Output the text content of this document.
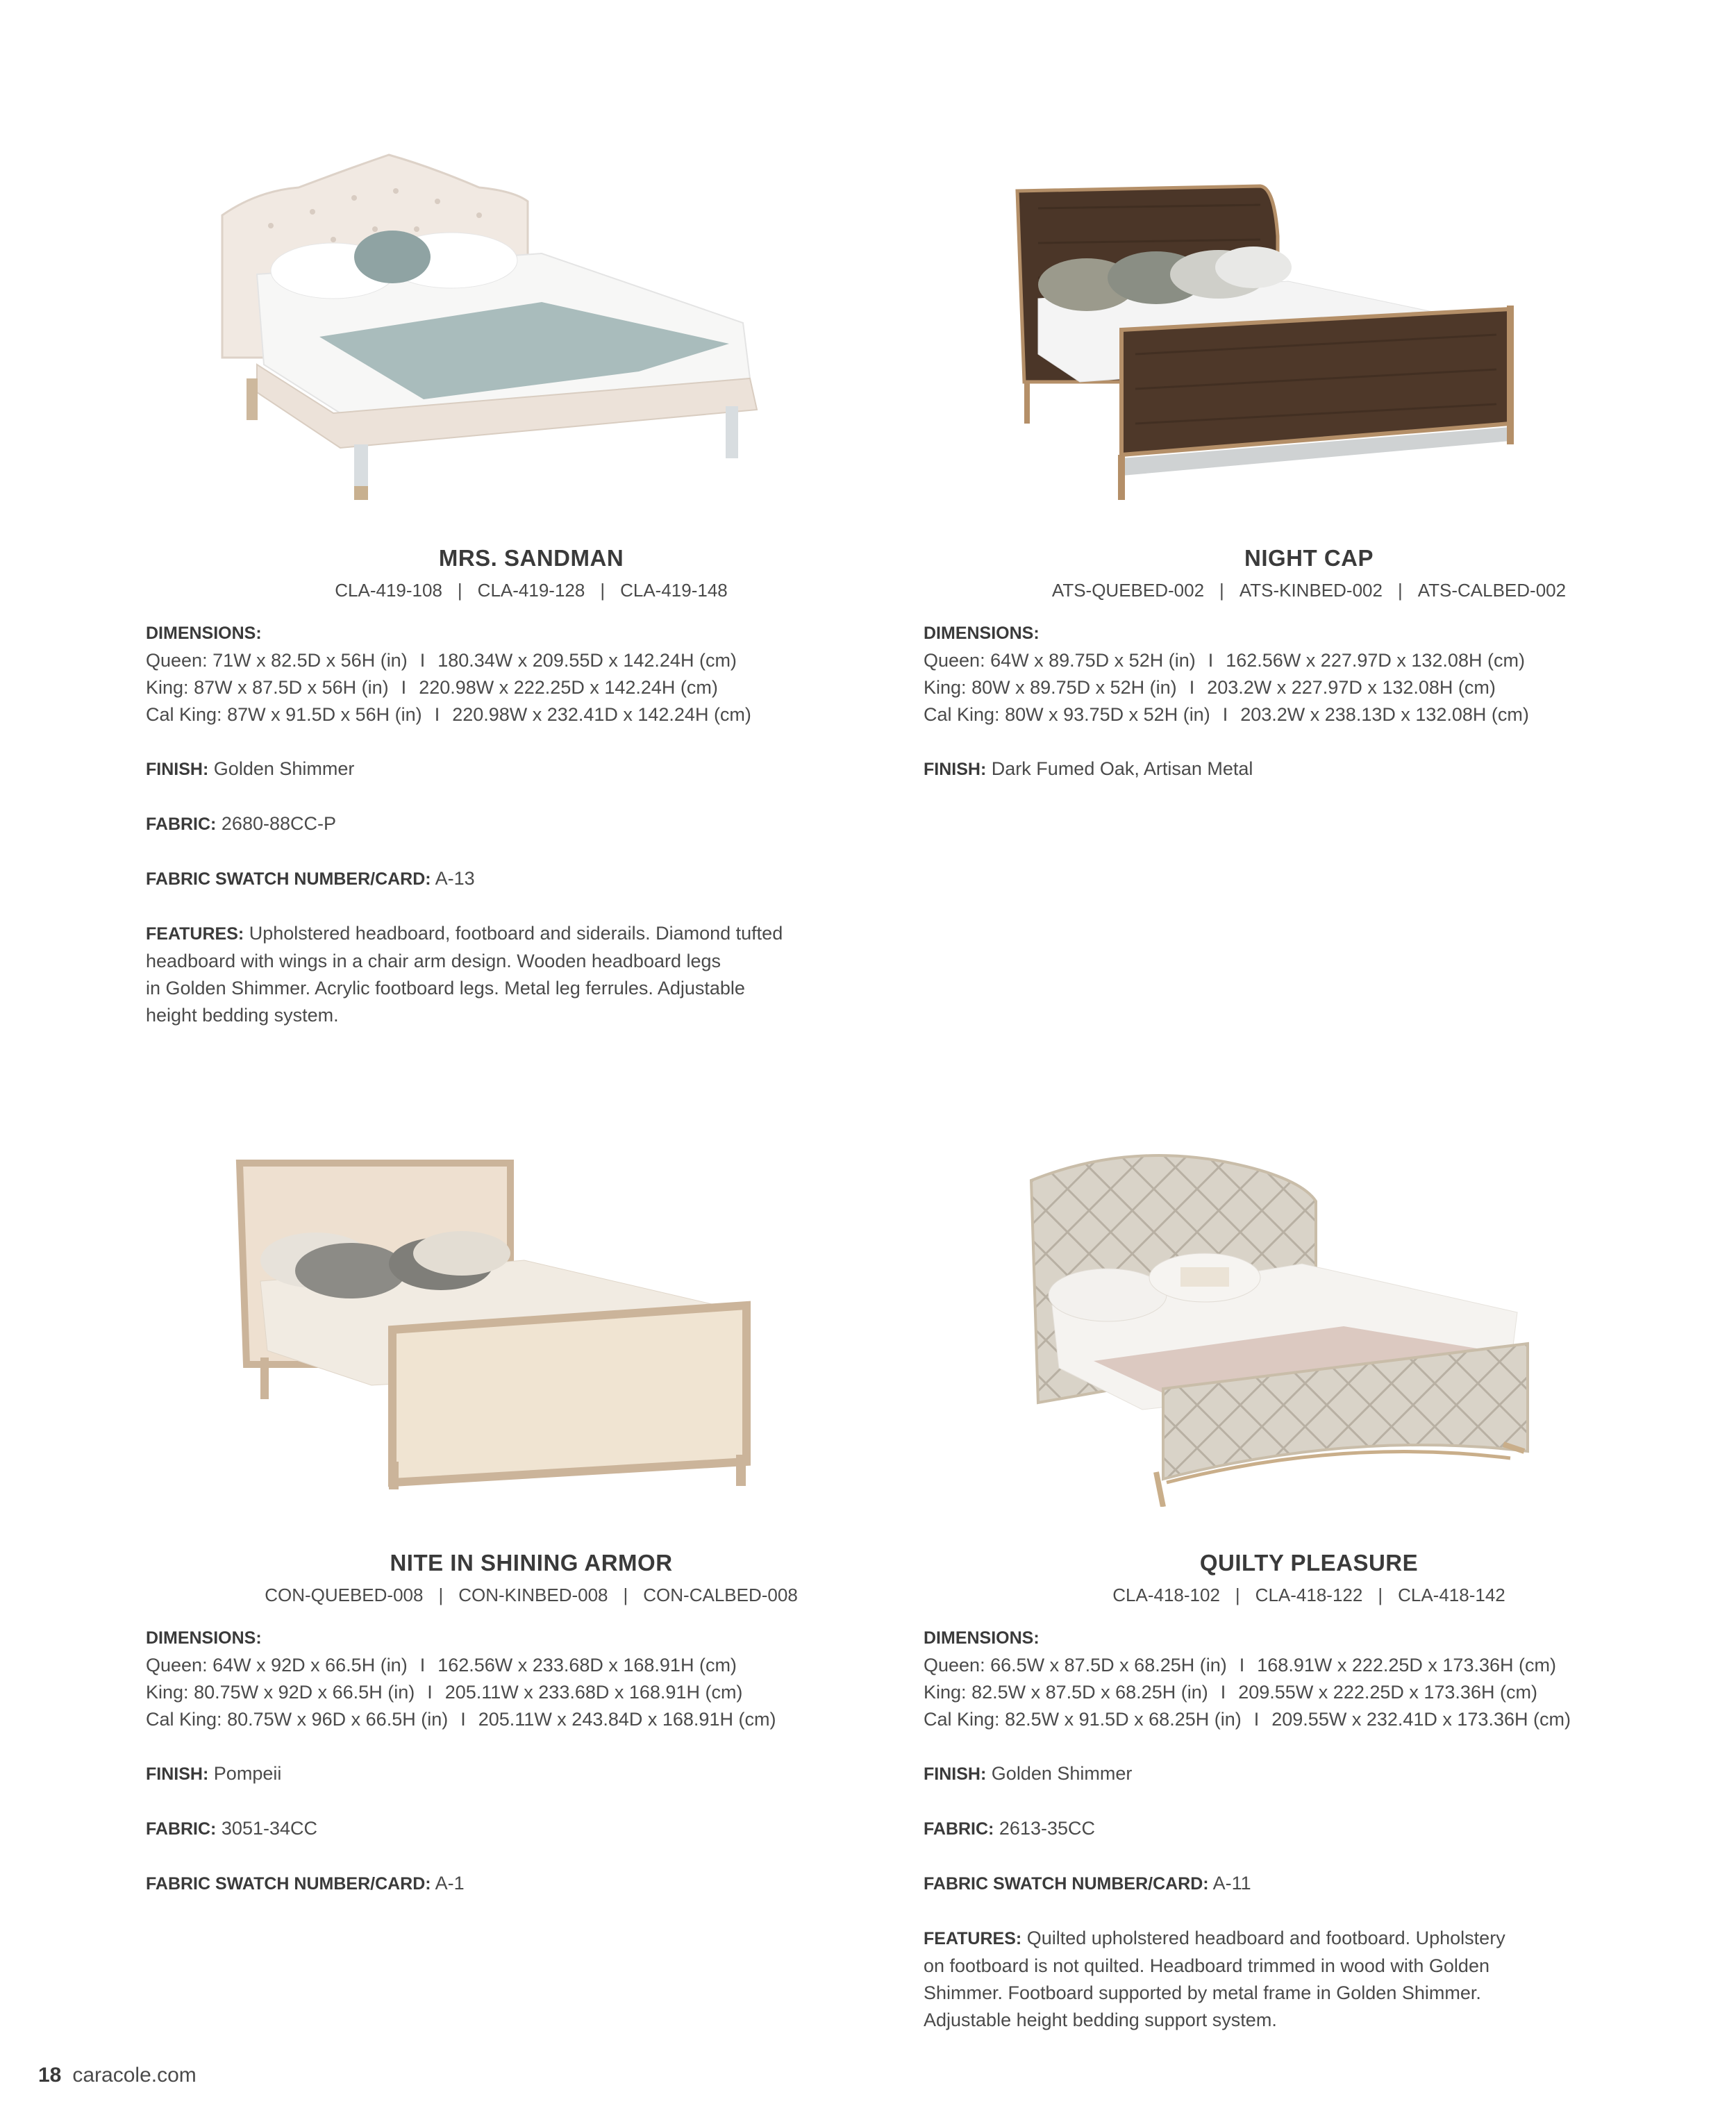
MRS. SANDMAN
CLA-419-108 | CLA-419-128 | CLA-419-148
DIMENSIONS:
Queen: 71W x 82.5D x 56H (in) I 180.34W x 209.55D x 142.24H (cm)
King: 87W x 87.5D x 56H (in) I 220.98W x 222.25D x 142.24H (cm)
Cal King: 87W x 91.5D x 56H (in) I 220.98W x 232.41D x 142.24H (cm)
FINISH: Golden Shimmer
FABRIC: 2680-88CC-P
FABRIC SWATCH NUMBER/CARD: A-13
FEATURES: Upholstered headboard, footboard and siderails. Diamond tufted
headboard with wings in a chair arm design. Wooden headboard legs
in Golden Shimmer. Acrylic footboard legs. Metal leg ferrules. Adjustable
height bedding system.
NIGHT CAP
ATS-QUEBED-002 | ATS-KINBED-002 | ATS-CALBED-002
DIMENSIONS:
Queen: 64W x 89.75D x 52H (in) I 162.56W x 227.97D x 132.08H (cm)
King: 80W x 89.75D x 52H (in) I 203.2W x 227.97D x 132.08H (cm)
Cal King: 80W x 93.75D x 52H (in) I 203.2W x 238.13D x 132.08H (cm)
FINISH: Dark Fumed Oak, Artisan Metal
NITE IN SHINING ARMOR
CON-QUEBED-008 | CON-KINBED-008 | CON-CALBED-008
DIMENSIONS:
Queen: 64W x 92D x 66.5H (in) I 162.56W x 233.68D x 168.91H (cm)
King: 80.75W x 92D x 66.5H (in) I 205.11W x 233.68D x 168.91H (cm)
Cal King: 80.75W x 96D x 66.5H (in) I 205.11W x 243.84D x 168.91H (cm)
FINISH: Pompeii
FABRIC: 3051-34CC
FABRIC SWATCH NUMBER/CARD: A-1
QUILTY PLEASURE
CLA-418-102 | CLA-418-122 | CLA-418-142
DIMENSIONS:
Queen: 66.5W x 87.5D x 68.25H (in) I 168.91W x 222.25D x 173.36H (cm)
King: 82.5W x 87.5D x 68.25H (in) I 209.55W x 222.25D x 173.36H (cm)
Cal King: 82.5W x 91.5D x 68.25H (in) I 209.55W x 232.41D x 173.36H (cm)
FINISH: Golden Shimmer
FABRIC: 2613-35CC
FABRIC SWATCH NUMBER/CARD: A-11
FEATURES: Quilted upholstered headboard and footboard. Upholstery
on footboard is not quilted. Headboard trimmed in wood with Golden
Shimmer. Footboard supported by metal frame in Golden Shimmer.
Adjustable height bedding support system.
18 caracole.com
